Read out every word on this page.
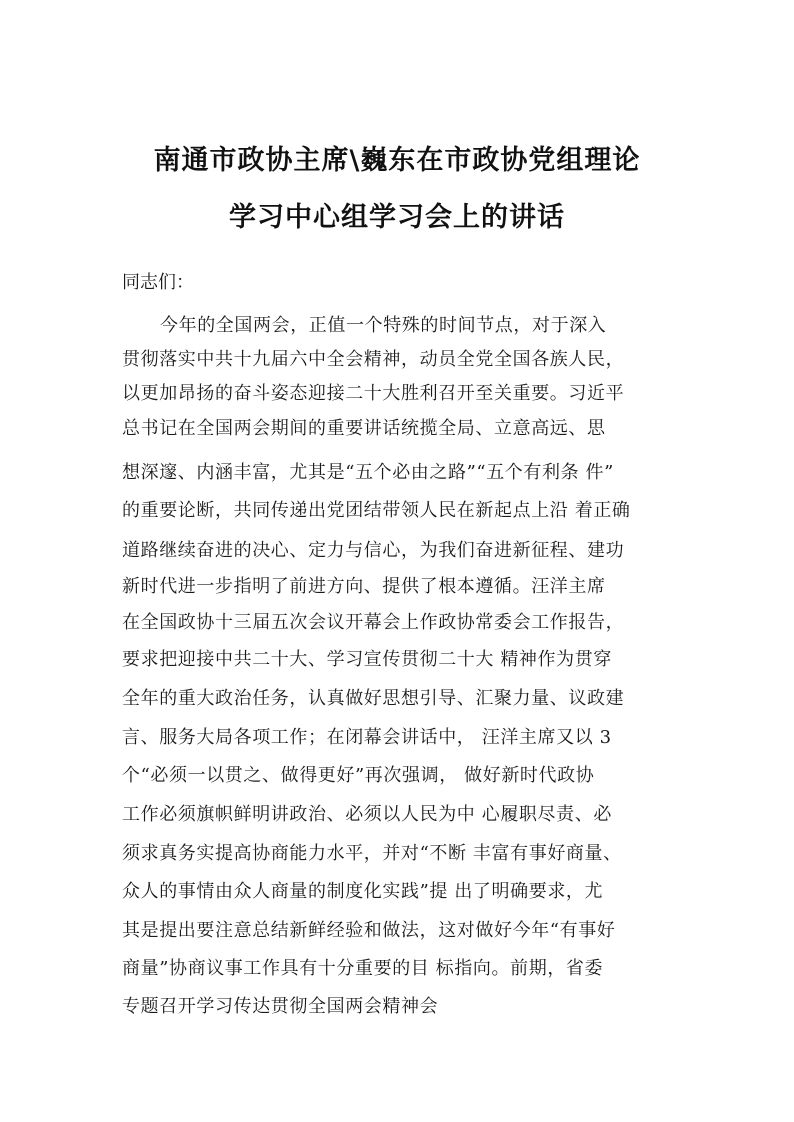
南通市政协主席\巍东在市政协党组理论
学习中心组学习会上的讲话
同志们：
今年的全国两会，正值一个特殊的时间节点，对于深入
贯彻落实中共十九届六中全会精神，动员全党全国各族人民，
以更加昂扬的奋斗姿态迎接二十大胜利召开至关重要。习近平
总书记在全国两会期间的重要讲话统揽全局、立意高远、思
想深邃、内涵丰富，尤其是“五个必由之路”“五个有利条 件”
的重要论断，共同传递出党团结带领人民在新起点上沿 着正确
道路继续奋进的决心、定力与信心，为我们奋进新征程、建功
新时代进一步指明了前进方向、提供了根本遵循。汪洋主席
在全国政协十三届五次会议开幕会上作政协常委会工作报告，
要求把迎接中共二十大、学习宣传贯彻二十大 精神作为贯穿
全年的重大政治任务，认真做好思想引导、汇聚力量、议政建
言、服务大局各项工作；在闭幕会讲话中， 汪洋主席又以 3
个“必须一以贯之、做得更好”再次强调， 做好新时代政协
工作必须旗帜鲜明讲政治、必须以人民为中 心履职尽责、必
须求真务实提高协商能力水平，并对“不断 丰富有事好商量、
众人的事情由众人商量的制度化实践”提 出了明确要求，尤
其是提出要注意总结新鲜经验和做法，这对做好今年“有事好
商量”协商议事工作具有十分重要的目 标指向。前期，省委
专题召开学习传达贯彻全国两会精神会
